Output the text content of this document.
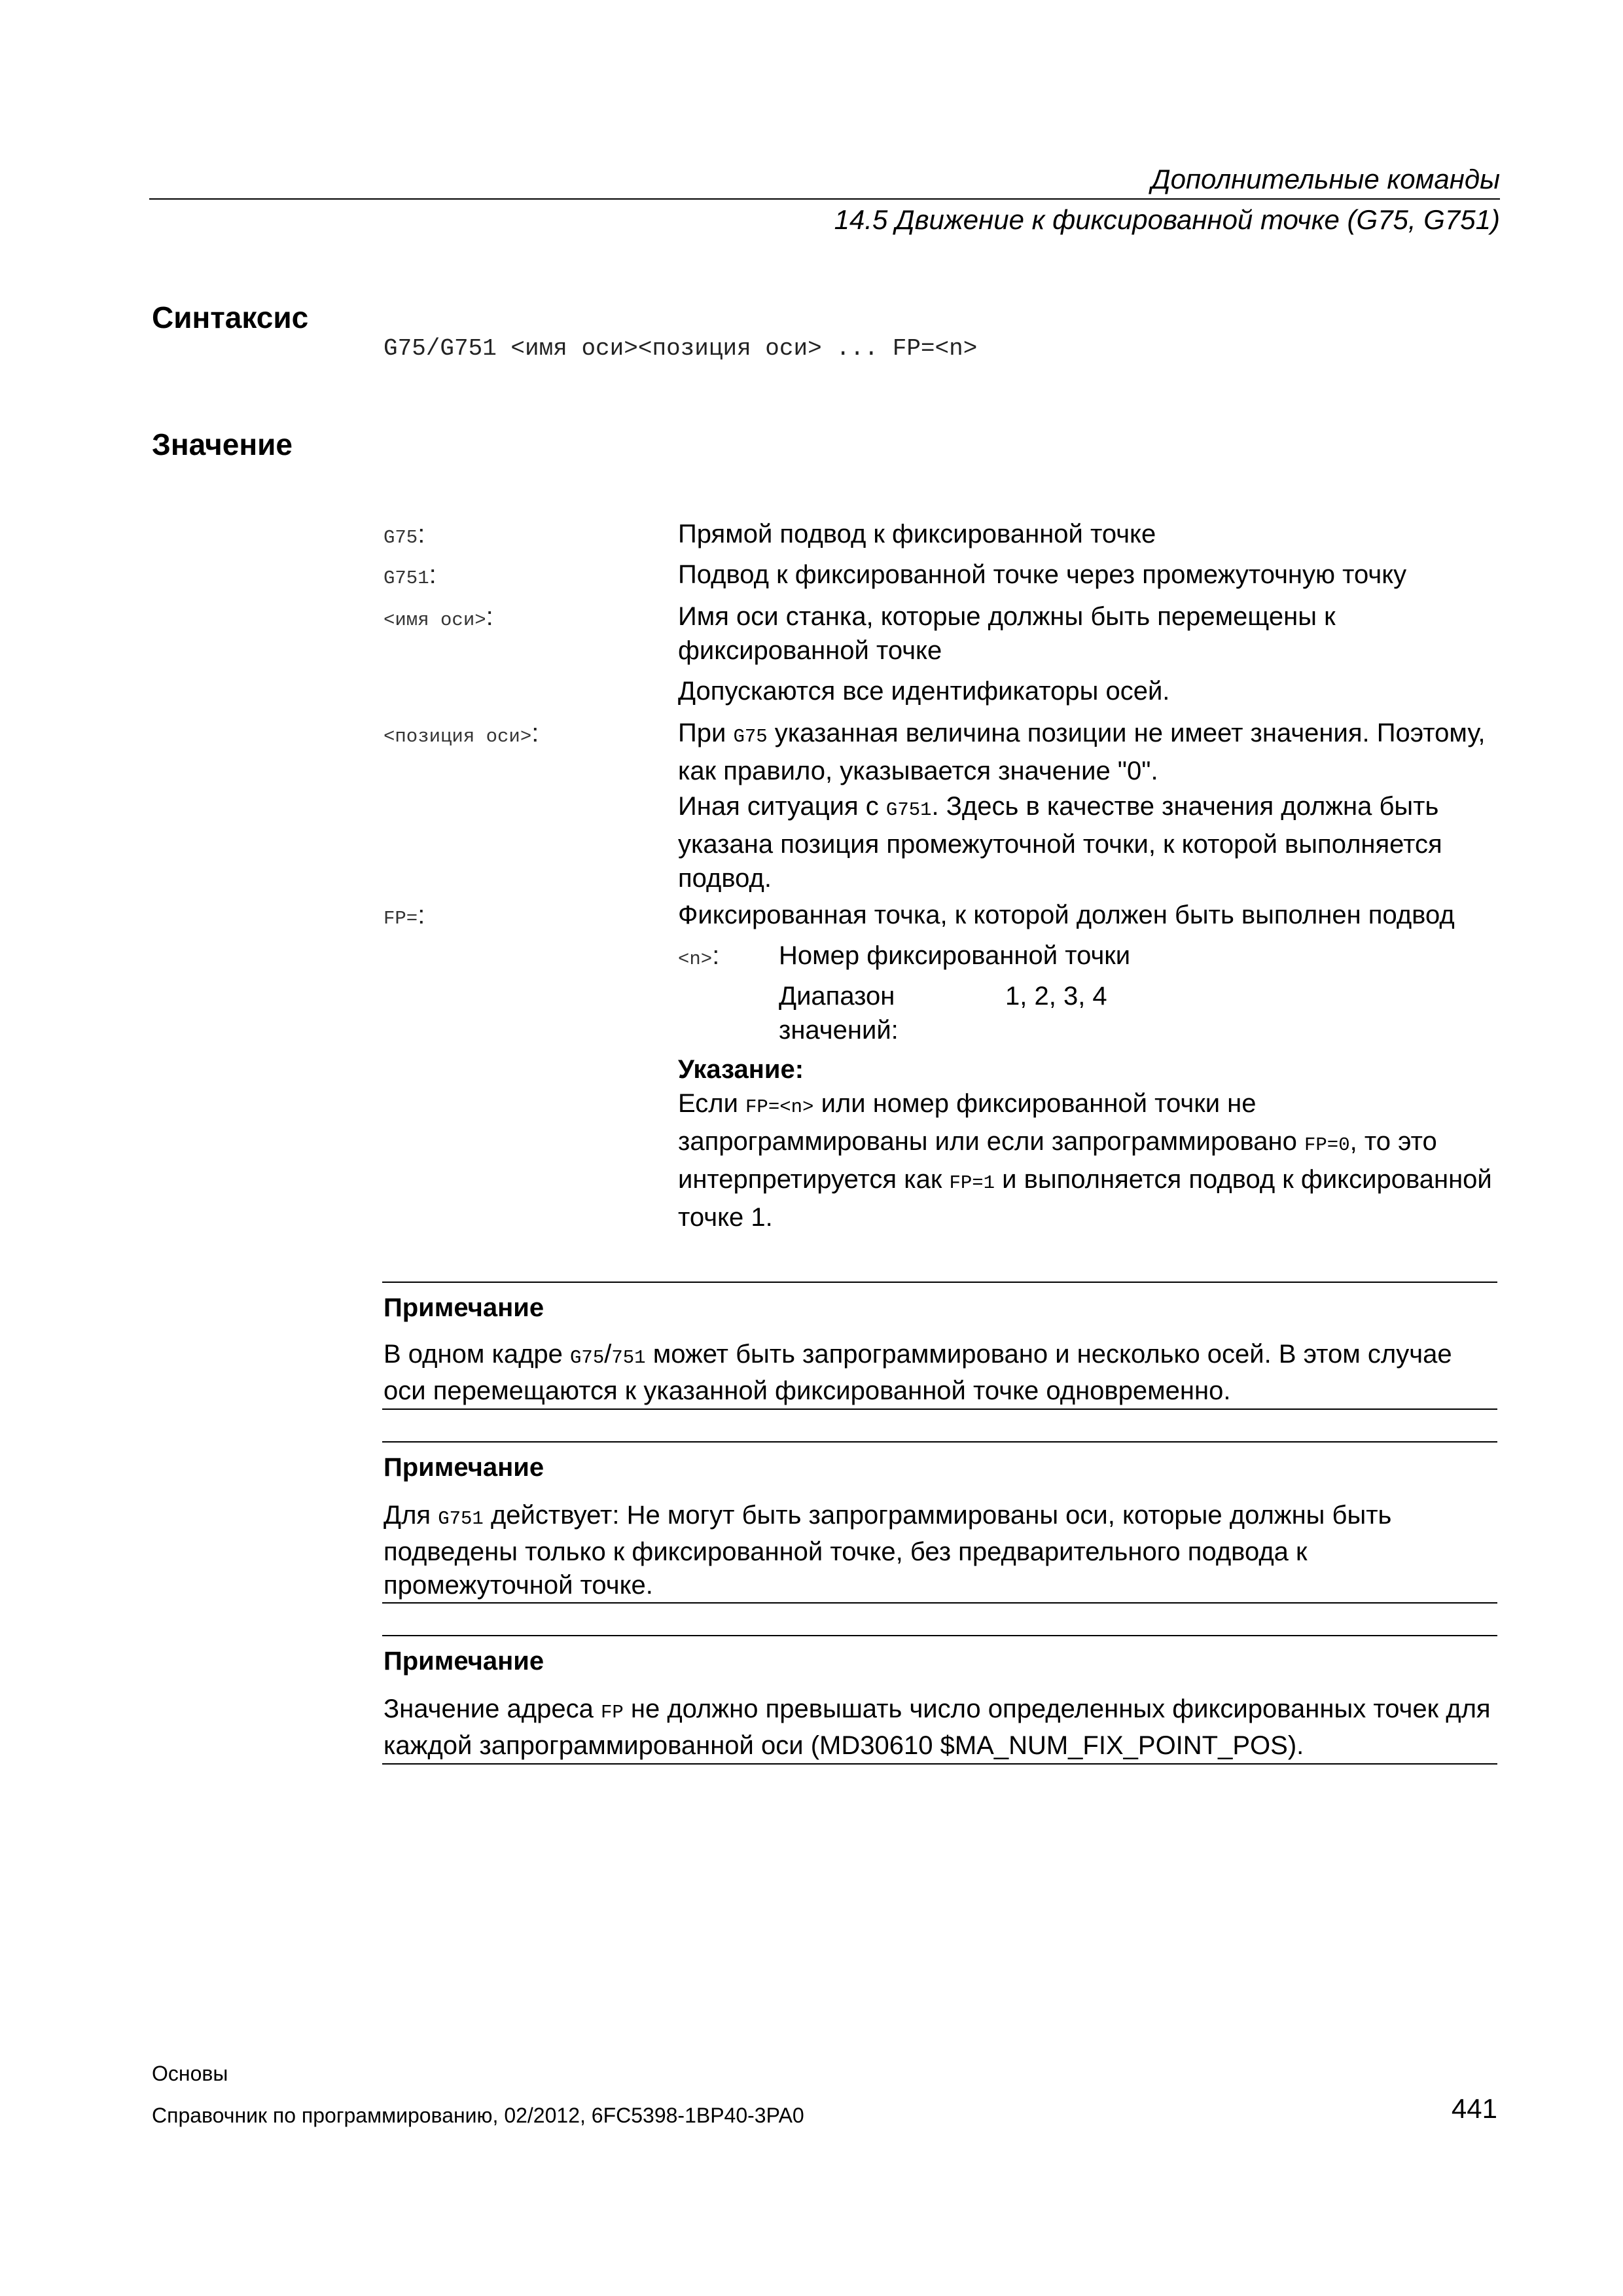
Дополнительные команды
14.5 Движение к фиксированной точке (G75, G751)
Синтаксис
G75/G751 <имя оси><позиция оси> ... FP=<n>
Значение
G75:	Прямой подвод к фиксированной точке
G751:	Подвод к фиксированной точке через промежуточную точку
<имя оси>:	Имя оси станка, которые должны быть перемещены к фиксированной точке
Допускаются все идентификаторы осей.
<позиция оси>:	При G75 указанная величина позиции не имеет значения. Поэтому, как правило, указывается значение "0".
Иная ситуация с G751. Здесь в качестве значения должна быть указана позиция промежуточной точки, к которой выполняется подвод.
FP=:	Фиксированная точка, к которой должен быть выполнен подвод
<n>: Номер фиксированной точки
Диапазон значений:
1, 2, 3, 4
Указание:
Если FP=<n> или номер фиксированной точки не запрограммированы или если запрограммировано FP=0, то это интерпретируется как FP=1 и выполняется подвод к фиксированной точке 1.
Примечание
В одном кадре G75/751 может быть запрограммировано и несколько осей. В этом случае оси перемещаются к указанной фиксированной точке одновременно.
Примечание
Для G751 действует: Не могут быть запрограммированы оси, которые должны быть подведены только к фиксированной точке, без предварительного подвода к промежуточной точке.
Примечание
Значение адреса FP не должно превышать число определенных фиксированных точек для каждой запрограммированной оси (MD30610 $MA_NUM_FIX_POINT_POS).
Основы
Справочник по программированию, 02/2012, 6FC5398-1BP40-3PA0	441
